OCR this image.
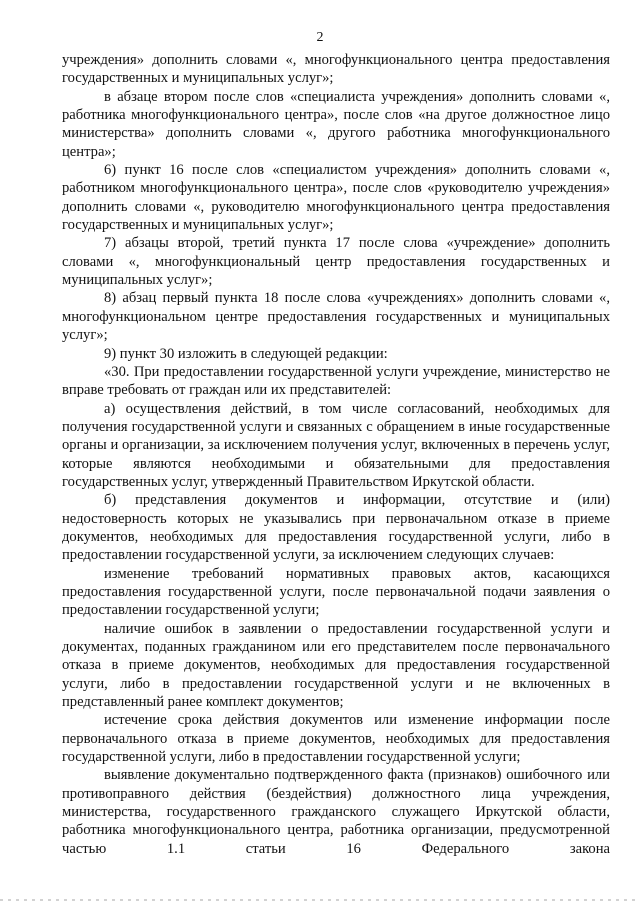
2

учреждения» дополнить словами «, многофункционального центра предоставления государственных и муниципальных услуг»;

в абзаце втором после слов «специалиста учреждения» дополнить словами «, работника многофункционального центра», после слов «на другое должностное лицо министерства» дополнить словами «, другого работника многофункционального центра»;

6) пункт 16 после слов «специалистом учреждения» дополнить словами «, работником многофункционального центра», после слов «руководителю учреждения» дополнить словами «, руководителю многофункционального центра предоставления государственных и муниципальных услуг»;

7) абзацы второй, третий пункта 17 после слова «учреждение» дополнить словами «, многофункциональный центр предоставления государственных и муниципальных услуг»;

8) абзац первый пункта 18 после слова «учреждениях» дополнить словами «, многофункциональном центре предоставления государственных и муниципальных услуг»;

9) пункт 30 изложить в следующей редакции:

«30. При предоставлении государственной услуги учреждение, министерство не вправе требовать от граждан или их представителей:

а) осуществления действий, в том числе согласований, необходимых для получения государственной услуги и связанных с обращением в иные государственные органы и организации, за исключением получения услуг, включенных в перечень услуг, которые являются необходимыми и обязательными для предоставления государственных услуг, утвержденный Правительством Иркутской области.

б) представления документов и информации, отсутствие и (или) недостоверность которых не указывались при первоначальном отказе в приеме документов, необходимых для предоставления государственной услуги, либо в предоставлении государственной услуги, за исключением следующих случаев:

изменение требований нормативных правовых актов, касающихся предоставления государственной услуги, после первоначальной подачи заявления о предоставлении государственной услуги;

наличие ошибок в заявлении о предоставлении государственной услуги и документах, поданных гражданином или его представителем после первоначального отказа в приеме документов, необходимых для предоставления государственной услуги, либо в предоставлении государственной услуги и не включенных в представленный ранее комплект документов;

истечение срока действия документов или изменение информации после первоначального отказа в приеме документов, необходимых для предоставления государственной услуги, либо в предоставлении государственной услуги;

выявление документально подтвержденного факта (признаков) ошибочного или противоправного действия (бездействия) должностного лица учреждения, министерства, государственного гражданского служащего Иркутской области, работника многофункционального центра, работника организации, предусмотренной частью 1.1 статьи 16 Федерального закона
